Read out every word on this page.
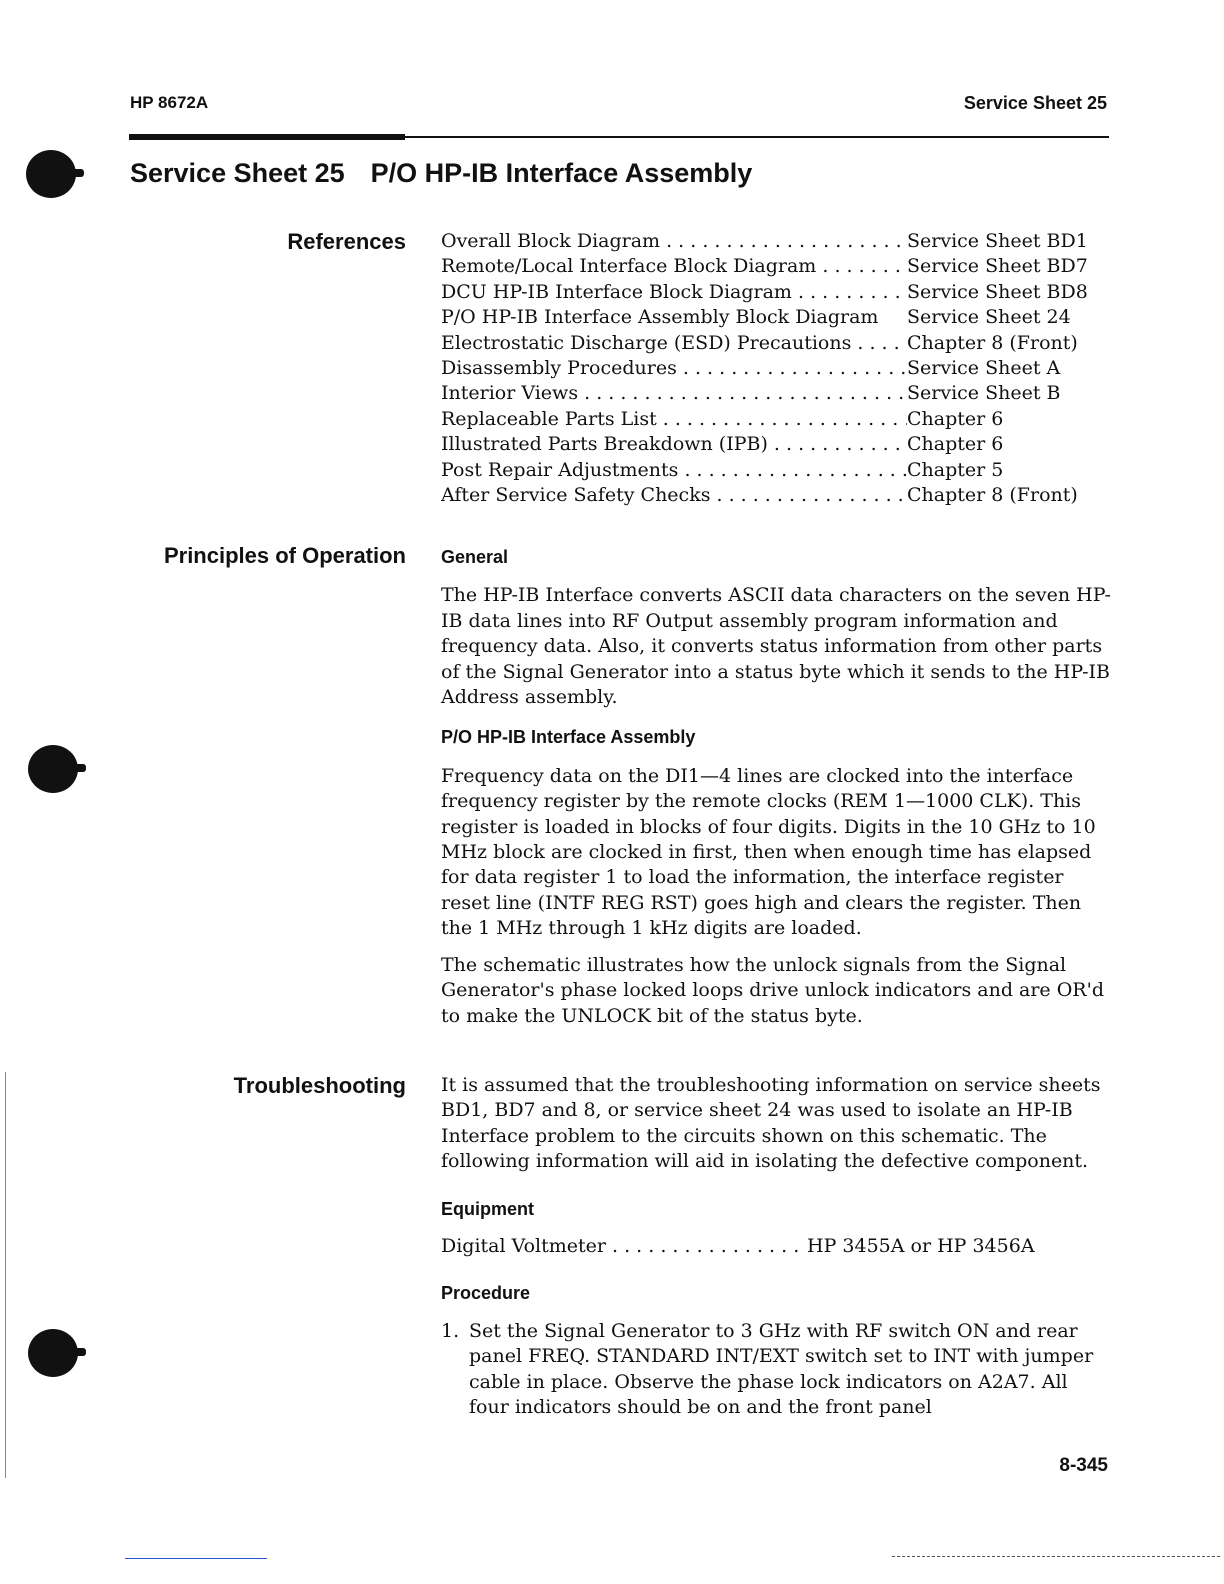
HP 8672A	Service Sheet 25
Service Sheet 25 P/O HP-IB Interface Assembly
References Overall Block Diagram . . .	Service Sheet BD1
Remote/Local Interface Block Diagram . . .	Service Sheet BD7
DCU HP-IB Interface Block Diagram . . .	Service Sheet BD8
P/O HP-IB Interface Assembly Block Diagram	Service Sheet 24
Electrostatic Discharge (ESD) Precautions . . .	Chapter 8 (Front)
Disassembly Procedures . . .	Service Sheet A
Interior Views . . .	Service Sheet B
Replaceable Parts List . . .	Chapter 6
Illustrated Parts Breakdown (IPB) . . .	Chapter 6
Post Repair Adjustments . . .	Chapter 5
After Service Safety Checks . . .	Chapter 8 (Front)
Principles of Operation General

The HP-IB Interface converts ASCII data characters on the seven HP-IB data lines into RF Output assembly program information and frequency data. Also, it converts status information from other parts of the Signal Generator into a status byte which it sends to the HP-IB Address assembly.

P/O HP-IB Interface Assembly

Frequency data on the DI1—4 lines are clocked into the interface frequency register by the remote clocks (REM 1—1000 CLK). This register is loaded in blocks of four digits. Digits in the 10 GHz to 10 MHz block are clocked in first, then when enough time has elapsed for data register 1 to load the information, the interface register reset line (INTF REG RST) goes high and clears the register. Then the 1 MHz through 1 kHz digits are loaded.

The schematic illustrates how the unlock signals from the Signal Generator's phase locked loops drive unlock indicators and are OR'd to make the UNLOCK bit of the status byte.

Troubleshooting It is assumed that the troubleshooting information on service sheets BD1, BD7 and 8, or service sheet 24 was used to isolate an HP-IB Interface problem to the circuits shown on this schematic. The following information will aid in isolating the defective component.

Equipment
Digital Voltmeter . . .	HP 3455A or HP 3456A
Procedure
1. Set the Signal Generator to 3 GHz with RF switch ON and rear panel FREQ. STANDARD INT/EXT switch set to INT with jumper cable in place. Observe the phase lock indicators on A2A7. All four indicators should be on and the front panel
8-345
